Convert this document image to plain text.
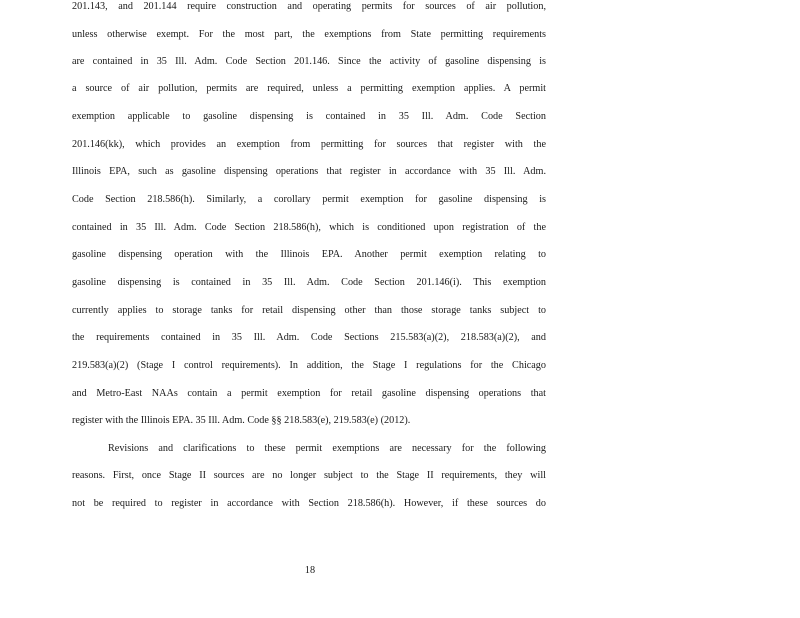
201.143, and 201.144 require construction and operating permits for sources of air pollution,
unless otherwise exempt. For the most part, the exemptions from State permitting requirements
are contained in 35 Ill. Adm. Code Section 201.146. Since the activity of gasoline dispensing is
a source of air pollution, permits are required, unless a permitting exemption applies. A permit
exemption applicable to gasoline dispensing is contained in 35 Ill. Adm. Code Section
201.146(kk), which provides an exemption from permitting for sources that register with the
Illinois EPA, such as gasoline dispensing operations that register in accordance with 35 Ill. Adm.
Code Section 218.586(h). Similarly, a corollary permit exemption for gasoline dispensing is
contained in 35 Ill. Adm. Code Section 218.586(h), which is conditioned upon registration of the
gasoline dispensing operation with the Illinois EPA. Another permit exemption relating to
gasoline dispensing is contained in 35 Ill. Adm. Code Section 201.146(i). This exemption
currently applies to storage tanks for retail dispensing other than those storage tanks subject to
the requirements contained in 35 Ill. Adm. Code Sections 215.583(a)(2), 218.583(a)(2), and
219.583(a)(2) (Stage I control requirements). In addition, the Stage I regulations for the Chicago
and Metro-East NAAs contain a permit exemption for retail gasoline dispensing operations that
register with the Illinois EPA. 35 Ill. Adm. Code §§ 218.583(e), 219.583(e) (2012).
Revisions and clarifications to these permit exemptions are necessary for the following
reasons. First, once Stage II sources are no longer subject to the Stage II requirements, they will
not be required to register in accordance with Section 218.586(h). However, if these sources do
18
